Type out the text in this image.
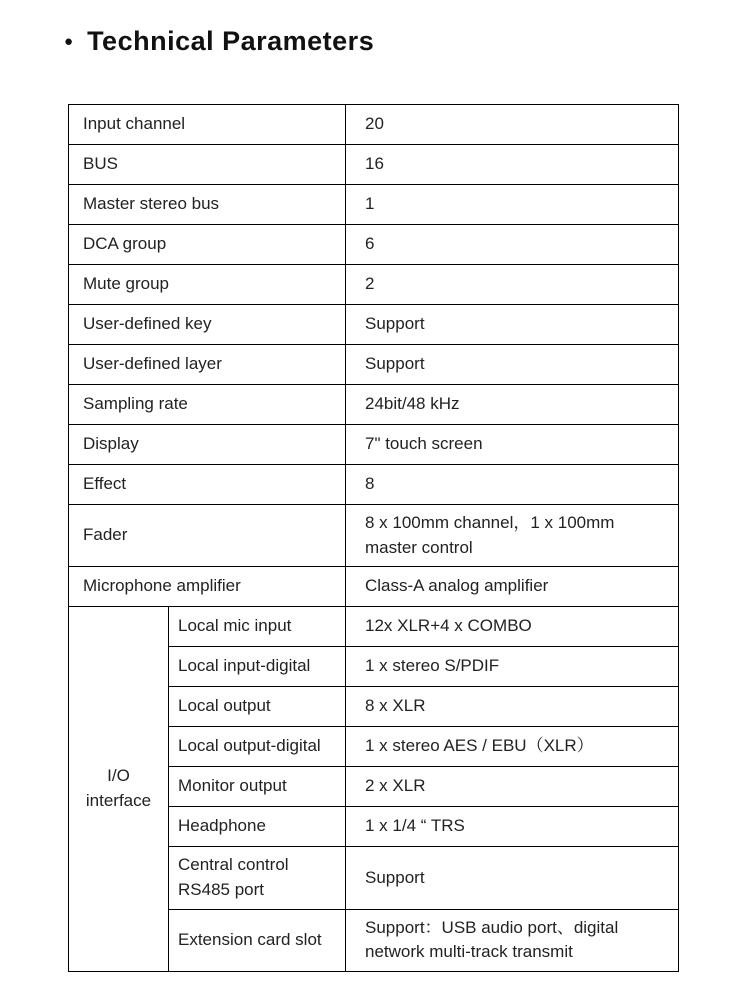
● Technical Parameters
Input channel		20
BUS		16
Master stereo bus		1
DCA group		6
Mute group		2
User-defined key		Support
User-defined layer		Support
Sampling rate		24bit/48 kHz
Display		7" touch screen
Effect		8
Fader		8 x 100mm channel，1 x 100mm master control
Microphone amplifier		Class-A analog amplifier
I/O interface	Local mic input	12x XLR+4 x COMBO
	Local input-digital	1 x stereo S/PDIF
	Local output	8 x XLR
	Local output-digital	1 x stereo AES / EBU（XLR）
	Monitor output	2 x XLR
	Headphone	1 x 1/4 “ TRS
	Central control RS485 port	Support
	Extension card slot	Support：USB audio port、digital network multi-track transmit
